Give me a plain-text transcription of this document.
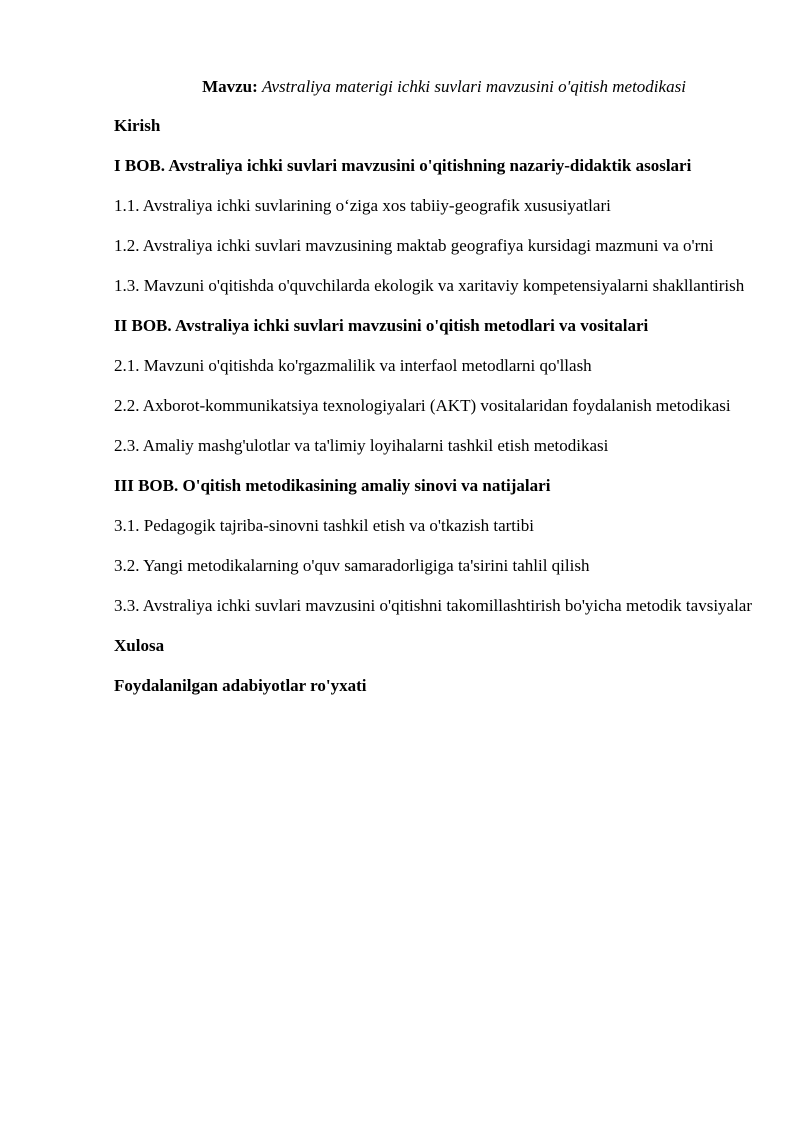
Mavzu: Avstraliya materigi ichki suvlari mavzusini o'qitish metodikasi

Kirish

I BOB. Avstraliya ichki suvlari mavzusini o'qitishning nazariy-didaktik asoslari

1.1. Avstraliya ichki suvlarining o‘ziga xos tabiiy-geografik xususiyatlari

1.2. Avstraliya ichki suvlari mavzusining maktab geografiya kursidagi mazmuni va o'rni

1.3. Mavzuni o'qitishda o'quvchilarda ekologik va xaritaviy kompetensiyalarni shakllantirish

II BOB. Avstraliya ichki suvlari mavzusini o'qitish metodlari va vositalari

2.1. Mavzuni o'qitishda ko'rgazmalilik va interfaol metodlarni qo'llash

2.2. Axborot-kommunikatsiya texnologiyalari (AKT) vositalaridan foydalanish metodikasi

2.3. Amaliy mashg'ulotlar va ta'limiy loyihalarni tashkil etish metodikasi

III BOB. O'qitish metodikasining amaliy sinovi va natijalari

3.1. Pedagogik tajriba-sinovni tashkil etish va o'tkazish tartibi

3.2. Yangi metodikalarning o'quv samaradorligiga ta'sirini tahlil qilish

3.3. Avstraliya ichki suvlari mavzusini o'qitishni takomillashtirish bo'yicha metodik tavsiyalar

Xulosa

Foydalanilgan adabiyotlar ro'yxati
